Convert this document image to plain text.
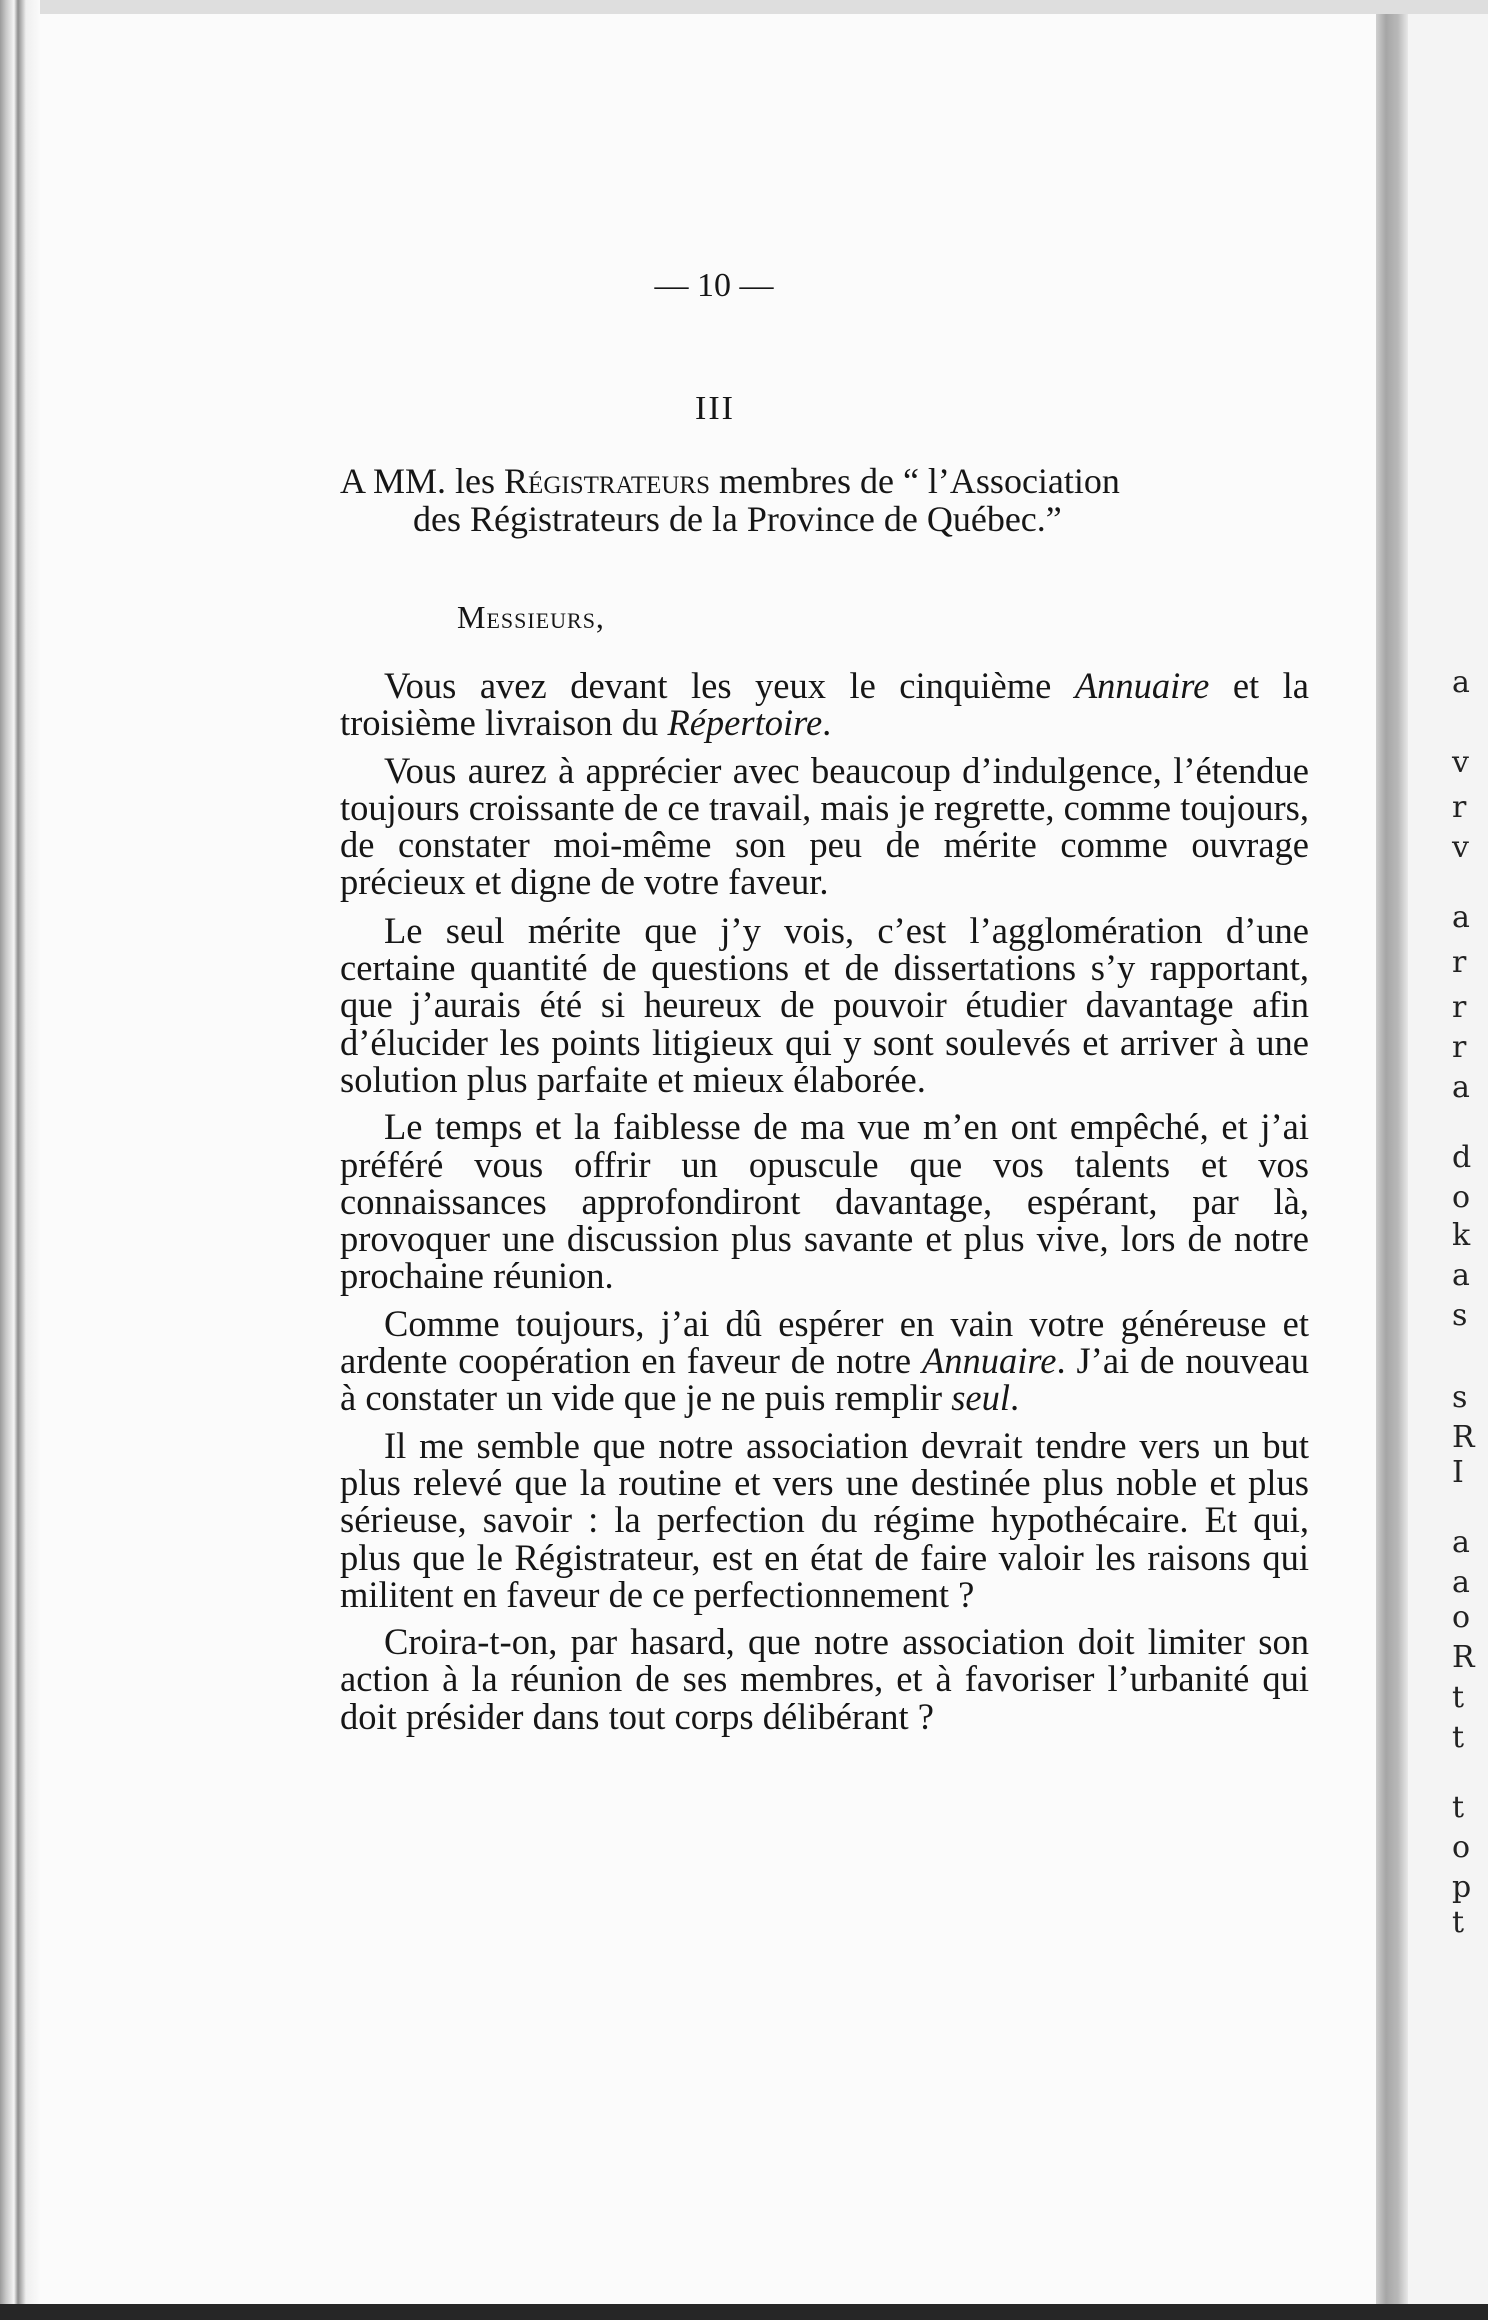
— 10 —
III
A MM. les Régistrateurs membres de “ l’Association
des Régistrateurs de la Province de Québec.”
Messieurs,

Vous avez devant les yeux le cinquième Annuaire et la troisième livraison du Répertoire.

Vous aurez à apprécier avec beaucoup d’indulgence, l’étendue toujours croissante de ce travail, mais je regrette, comme toujours, de constater moi-même son peu de mérite comme ouvrage précieux et digne de votre faveur.

Le seul mérite que j’y vois, c’est l’agglomération d’une certaine quantité de questions et de dissertations s’y rapportant, que j’aurais été si heureux de pouvoir étudier davantage afin d’élucider les points litigieux qui y sont soulevés et arriver à une solution plus parfaite et mieux élaborée.

Le temps et la faiblesse de ma vue m’en ont empêché, et j’ai préféré vous offrir un opuscule que vos talents et vos connaissances approfondiront davantage, espérant, par là, provoquer une discussion plus savante et plus vive, lors de notre prochaine réunion.

Comme toujours, j’ai dû espérer en vain votre généreuse et ardente coopération en faveur de notre Annuaire. J’ai de nouveau à constater un vide que je ne puis remplir seul.

Il me semble que notre association devrait tendre vers un but plus relevé que la routine et vers une destinée plus noble et plus sérieuse, savoir : la perfection du régime hypothécaire. Et qui, plus que le Régistrateur, est en état de faire valoir les raisons qui militent en faveur de ce perfectionnement ?

Croira-t-on, par hasard, que notre association doit limiter son action à la réunion de ses membres, et à favoriser l’urbanité qui doit présider dans tout corps délibérant ?

a
v
r
v
a
r
r
r
a
d
o
k
a
s
s
R
I
a
a
o
R
t
t
t
o
p
t
